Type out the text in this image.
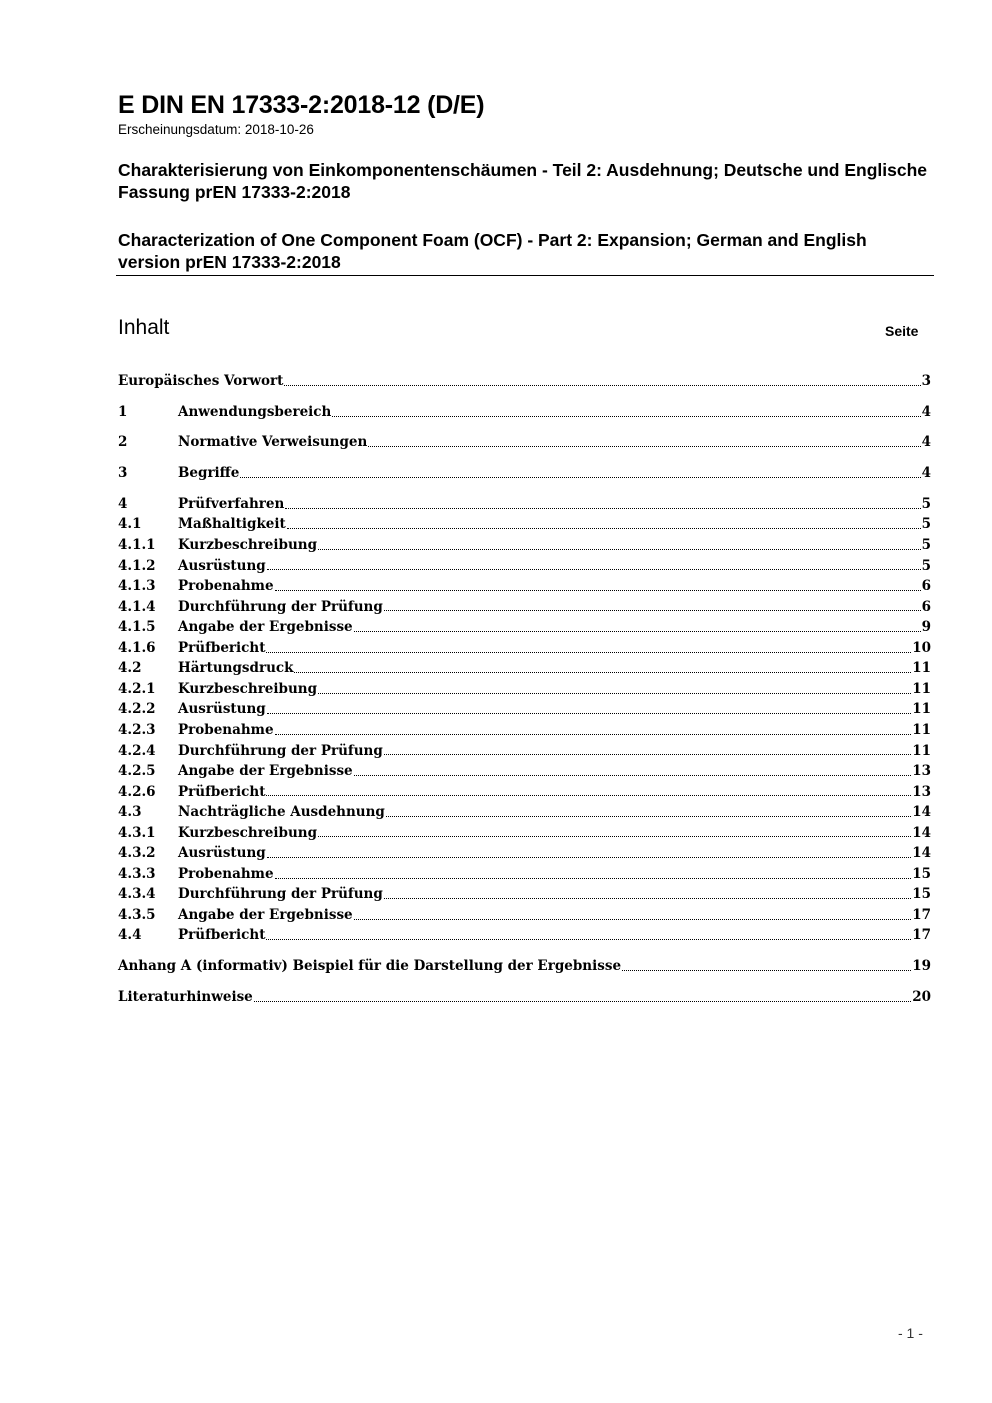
E DIN EN 17333-2:2018-12 (D/E)
Erscheinungsdatum: 2018-10-26
Charakterisierung von Einkomponentenschäumen - Teil 2: Ausdehnung; Deutsche und Englische Fassung prEN 17333-2:2018
Characterization of One Component Foam (OCF) - Part 2: Expansion; German and English version prEN 17333-2:2018
Inhalt	Seite
Europäisches Vorwort	3
1	Anwendungsbereich	4
2	Normative Verweisungen	4
3	Begriffe	4
4	Prüfverfahren	5
4.1	Maßhaltigkeit	5
4.1.1	Kurzbeschreibung	5
4.1.2	Ausrüstung	5
4.1.3	Probenahme	6
4.1.4	Durchführung der Prüfung	6
4.1.5	Angabe der Ergebnisse	9
4.1.6	Prüfbericht	10
4.2	Härtungsdruck	11
4.2.1	Kurzbeschreibung	11
4.2.2	Ausrüstung	11
4.2.3	Probenahme	11
4.2.4	Durchführung der Prüfung	11
4.2.5	Angabe der Ergebnisse	13
4.2.6	Prüfbericht	13
4.3	Nachträgliche Ausdehnung	14
4.3.1	Kurzbeschreibung	14
4.3.2	Ausrüstung	14
4.3.3	Probenahme	15
4.3.4	Durchführung der Prüfung	15
4.3.5	Angabe der Ergebnisse	17
4.4	Prüfbericht	17
Anhang A (informativ) Beispiel für die Darstellung der Ergebnisse	19
Literaturhinweise	20
- 1 -
